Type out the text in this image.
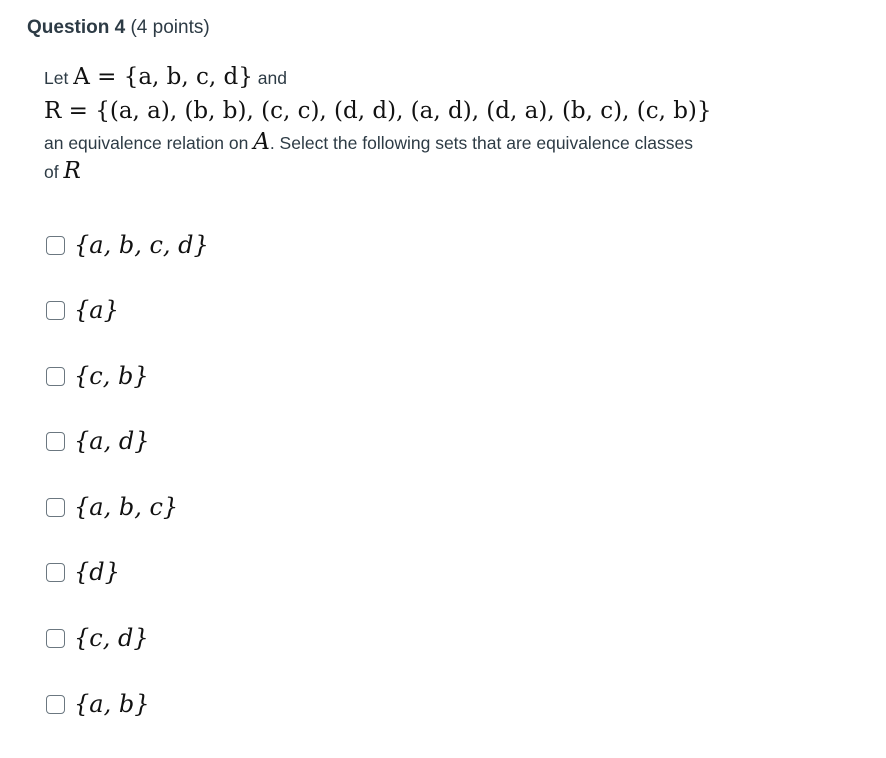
Question 4 (4 points)
Let A = {a, b, c, d} and
R = {(a, a), (b, b), (c, c), (d, d), (a, d), (d, a), (b, c), (c, b)}
an equivalence relation on A. Select the following sets that are equivalence classes
of R
{a, b, c, d}
{a}
{c, b}
{a, d}
{a, b, c}
{d}
{c, d}
{a, b}
